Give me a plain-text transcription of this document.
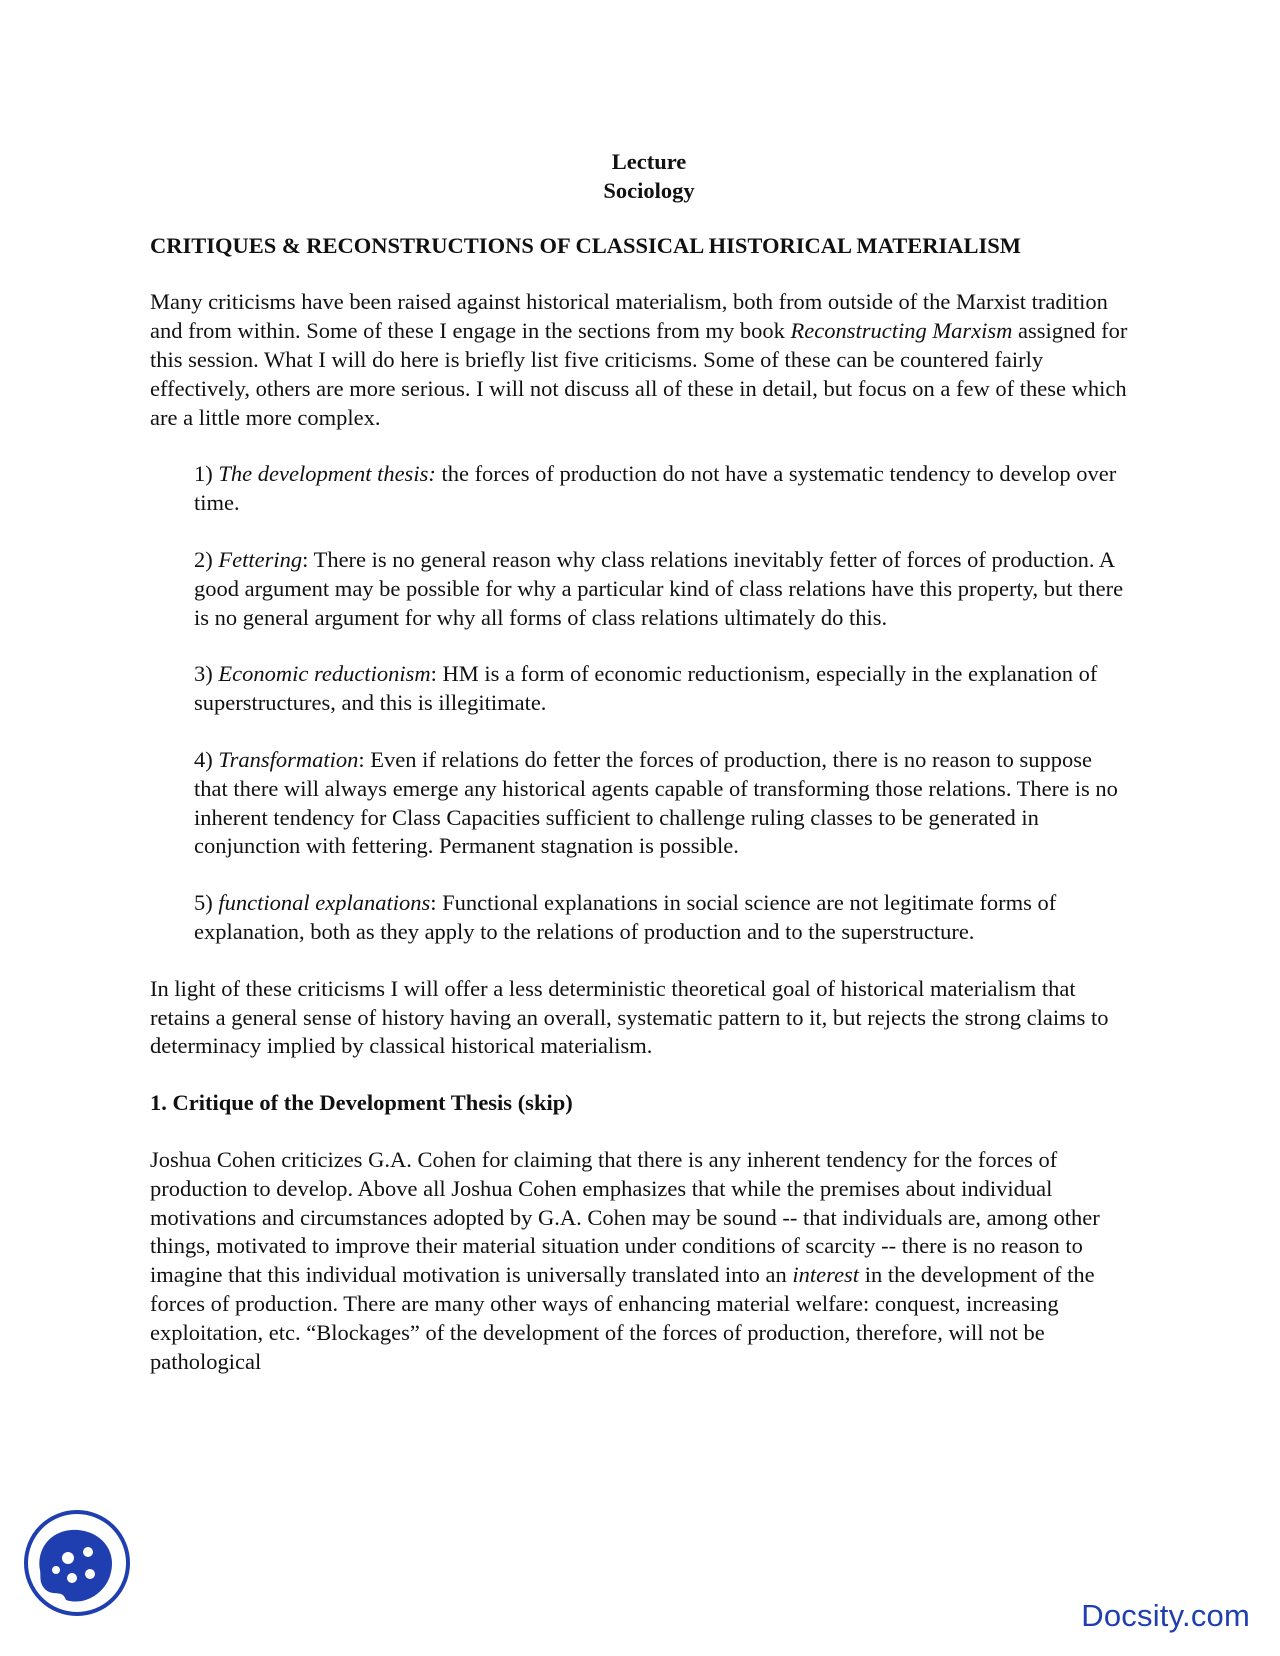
Lecture

Sociology

CRITIQUES & RECONSTRUCTIONS OF CLASSICAL HISTORICAL MATERIALISM

Many criticisms have been raised against historical materialism, both from outside of the Marxist tradition and from within. Some of these I engage in the sections from my book Reconstructing Marxism assigned for this session. What I will do here is briefly list five criticisms. Some of these can be countered fairly effectively, others are more serious. I will not discuss all of these in detail, but focus on a few of these which are a little more complex.

1) The development thesis: the forces of production do not have a systematic tendency to develop over time.

2) Fettering: There is no general reason why class relations inevitably fetter of forces of production. A good argument may be possible for why a particular kind of class relations have this property, but there is no general argument for why all forms of class relations ultimately do this.

3) Economic reductionism: HM is a form of economic reductionism, especially in the explanation of superstructures, and this is illegitimate.

4) Transformation: Even if relations do fetter the forces of production, there is no reason to suppose that there will always emerge any historical agents capable of transforming those relations. There is no inherent tendency for Class Capacities sufficient to challenge ruling classes to be generated in conjunction with fettering. Permanent stagnation is possible.

5) functional explanations: Functional explanations in social science are not legitimate forms of explanation, both as they apply to the relations of production and to the superstructure.

In light of these criticisms I will offer a less deterministic theoretical goal of historical materialism that retains a general sense of history having an overall, systematic pattern to it, but rejects the strong claims to determinacy implied by classical historical materialism.

1. Critique of the Development Thesis (skip)

Joshua Cohen criticizes G.A. Cohen for claiming that there is any inherent tendency for the forces of production to develop. Above all Joshua Cohen emphasizes that while the premises about individual motivations and circumstances adopted by G.A. Cohen may be sound -- that individuals are, among other things, motivated to improve their material situation under conditions of scarcity -- there is no reason to imagine that this individual motivation is universally translated into an interest in the development of the forces of production. There are many other ways of enhancing material welfare: conquest, increasing exploitation, etc. “Blockages” of the development of the forces of production, therefore, will not be pathological

Docsity.com
